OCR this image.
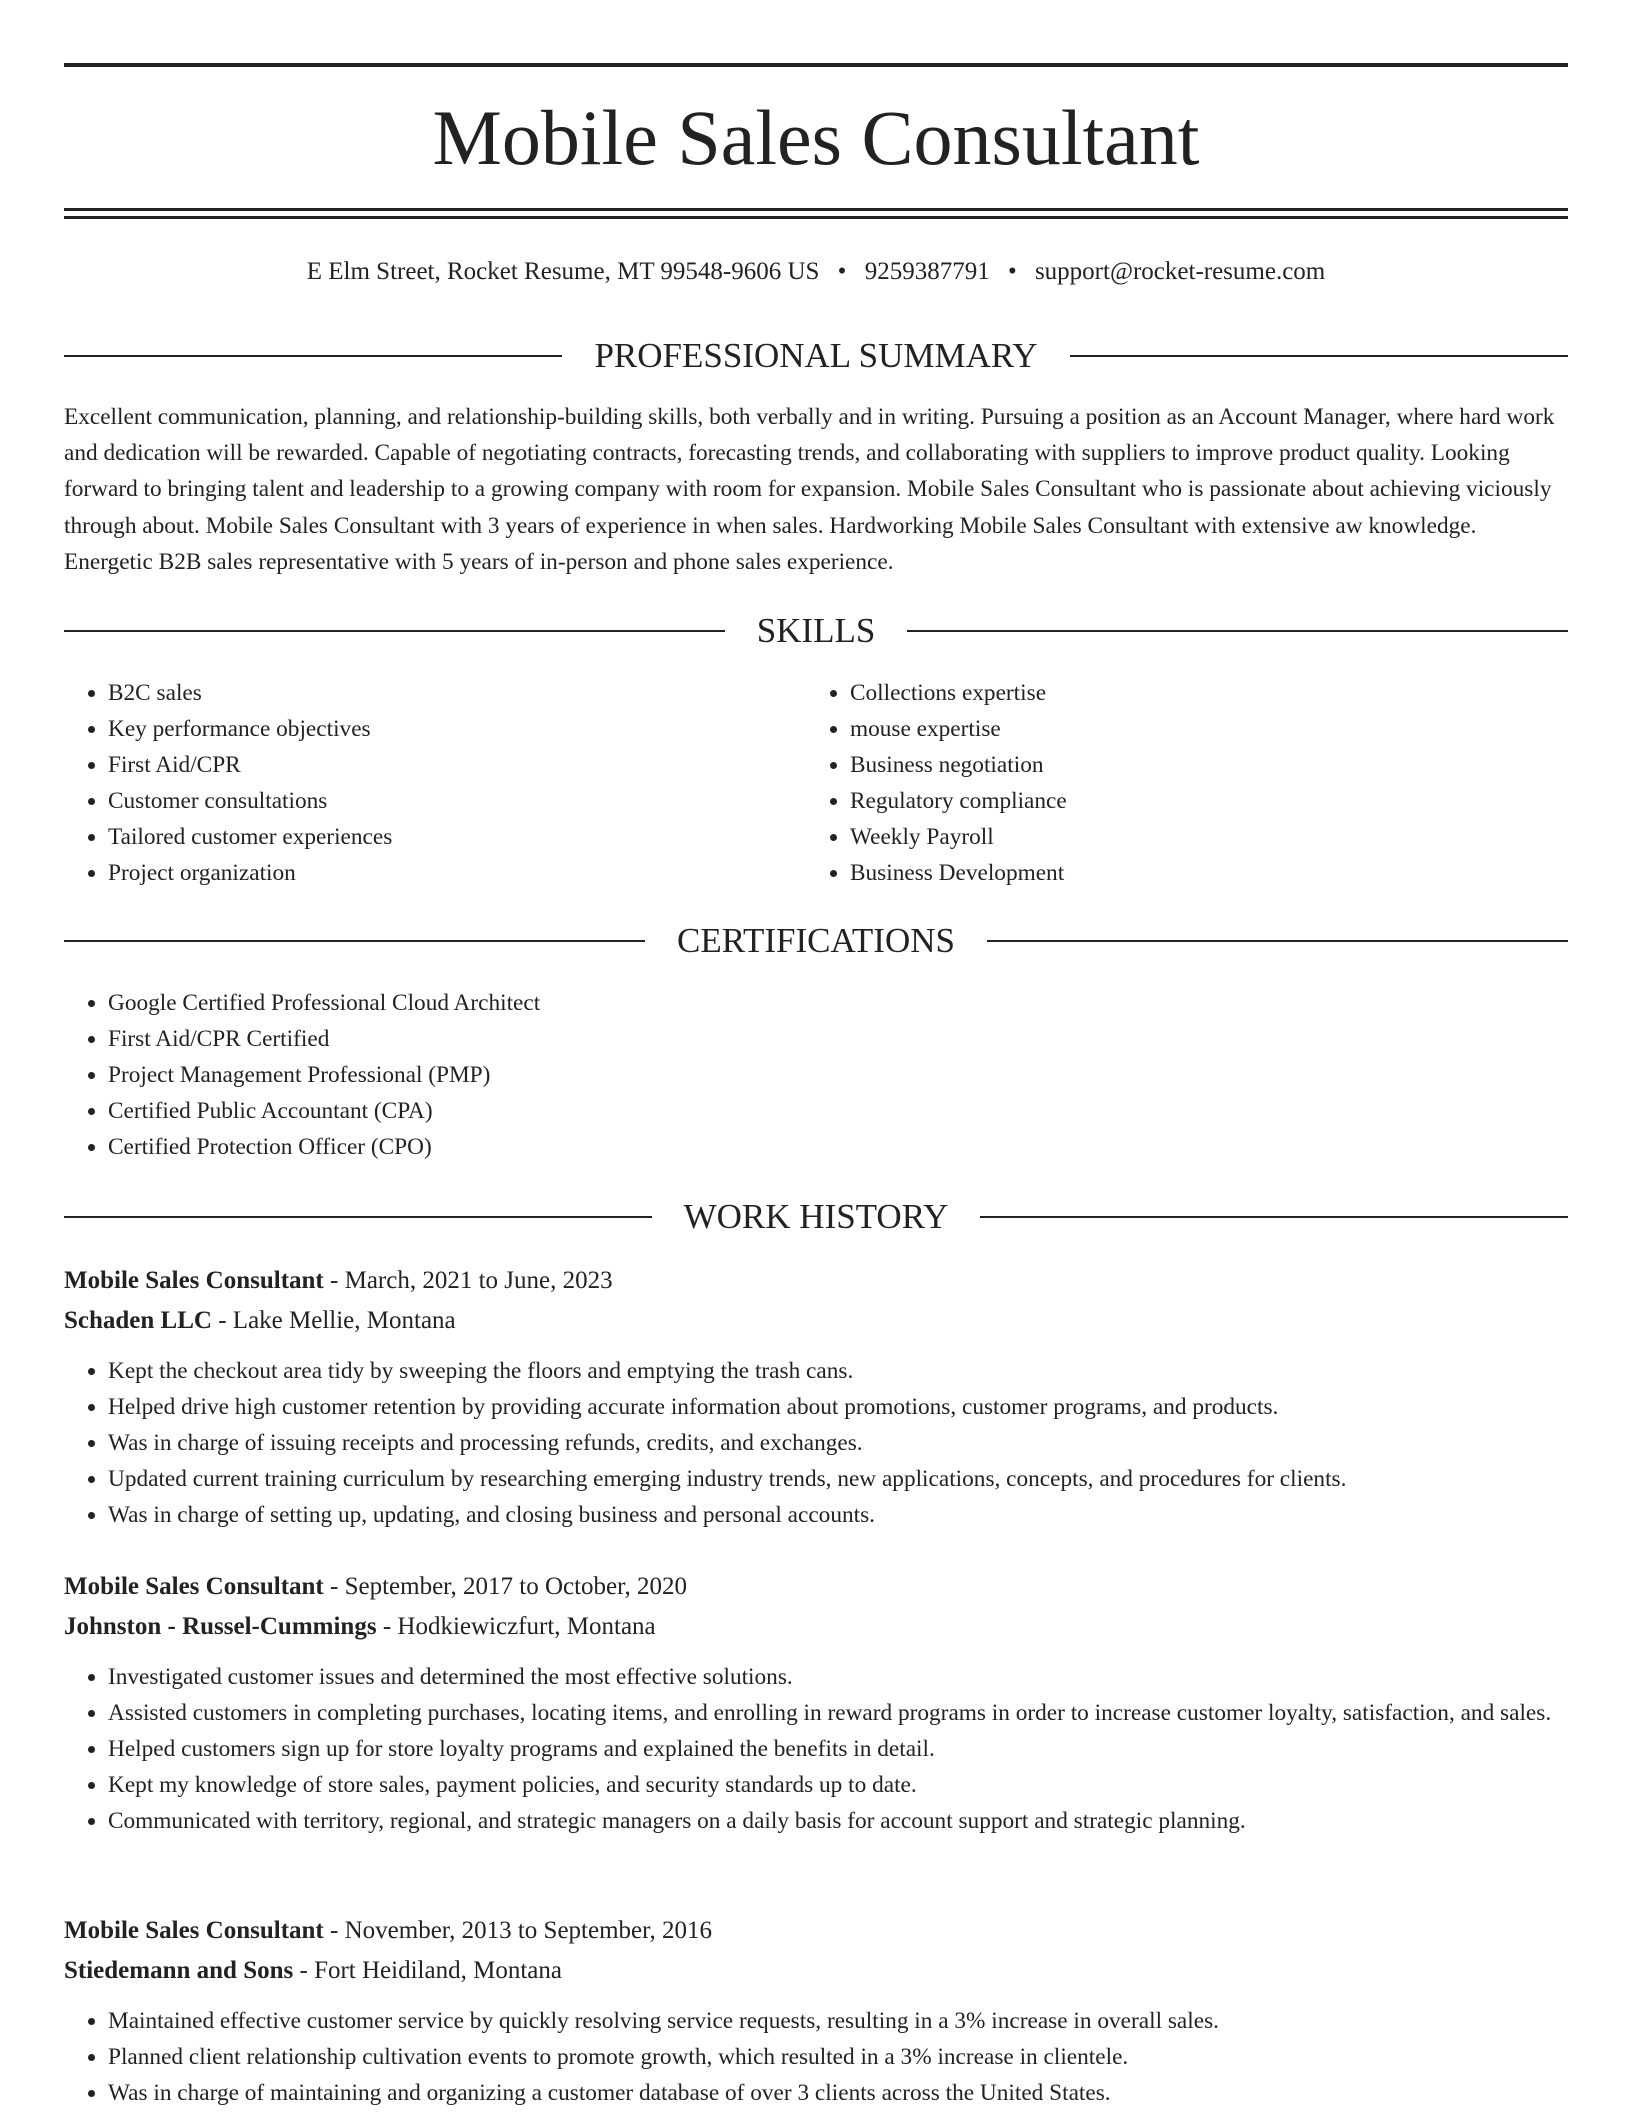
Mobile Sales Consultant
E Elm Street, Rocket Resume, MT 99548-9606 US • 9259387791 • support@rocket-resume.com
PROFESSIONAL SUMMARY

Excellent communication, planning, and relationship-building skills, both verbally and in writing. Pursuing a position as an Account Manager, where hard work and dedication will be rewarded. Capable of negotiating contracts, forecasting trends, and collaborating with suppliers to improve product quality. Looking forward to bringing talent and leadership to a growing company with room for expansion. Mobile Sales Consultant who is passionate about achieving viciously through about. Mobile Sales Consultant with 3 years of experience in when sales. Hardworking Mobile Sales Consultant with extensive aw knowledge. Energetic B2B sales representative with 5 years of in-person and phone sales experience.

SKILLS
• B2C sales
• Key performance objectives
• First Aid/CPR
• Customer consultations
• Tailored customer experiences
• Project organization
• Collections expertise
• mouse expertise
• Business negotiation
• Regulatory compliance
• Weekly Payroll
• Business Development
CERTIFICATIONS
• Google Certified Professional Cloud Architect
• First Aid/CPR Certified
• Project Management Professional (PMP)
• Certified Public Accountant (CPA)
• Certified Protection Officer (CPO)
WORK HISTORY
Mobile Sales Consultant - March, 2021 to June, 2023
Schaden LLC - Lake Mellie, Montana
• Kept the checkout area tidy by sweeping the floors and emptying the trash cans.
• Helped drive high customer retention by providing accurate information about promotions, customer programs, and products.
• Was in charge of issuing receipts and processing refunds, credits, and exchanges.
• Updated current training curriculum by researching emerging industry trends, new applications, concepts, and procedures for clients.
• Was in charge of setting up, updating, and closing business and personal accounts.
Mobile Sales Consultant - September, 2017 to October, 2020
Johnston - Russel-Cummings - Hodkiewiczfurt, Montana
• Investigated customer issues and determined the most effective solutions.
• Assisted customers in completing purchases, locating items, and enrolling in reward programs in order to increase customer loyalty, satisfaction, and sales.
• Helped customers sign up for store loyalty programs and explained the benefits in detail.
• Kept my knowledge of store sales, payment policies, and security standards up to date.
• Communicated with territory, regional, and strategic managers on a daily basis for account support and strategic planning.
Mobile Sales Consultant - November, 2013 to September, 2016
Stiedemann and Sons - Fort Heidiland, Montana
• Maintained effective customer service by quickly resolving service requests, resulting in a 3% increase in overall sales.
• Planned client relationship cultivation events to promote growth, which resulted in a 3% increase in clientele.
• Was in charge of maintaining and organizing a customer database of over 3 clients across the United States.
